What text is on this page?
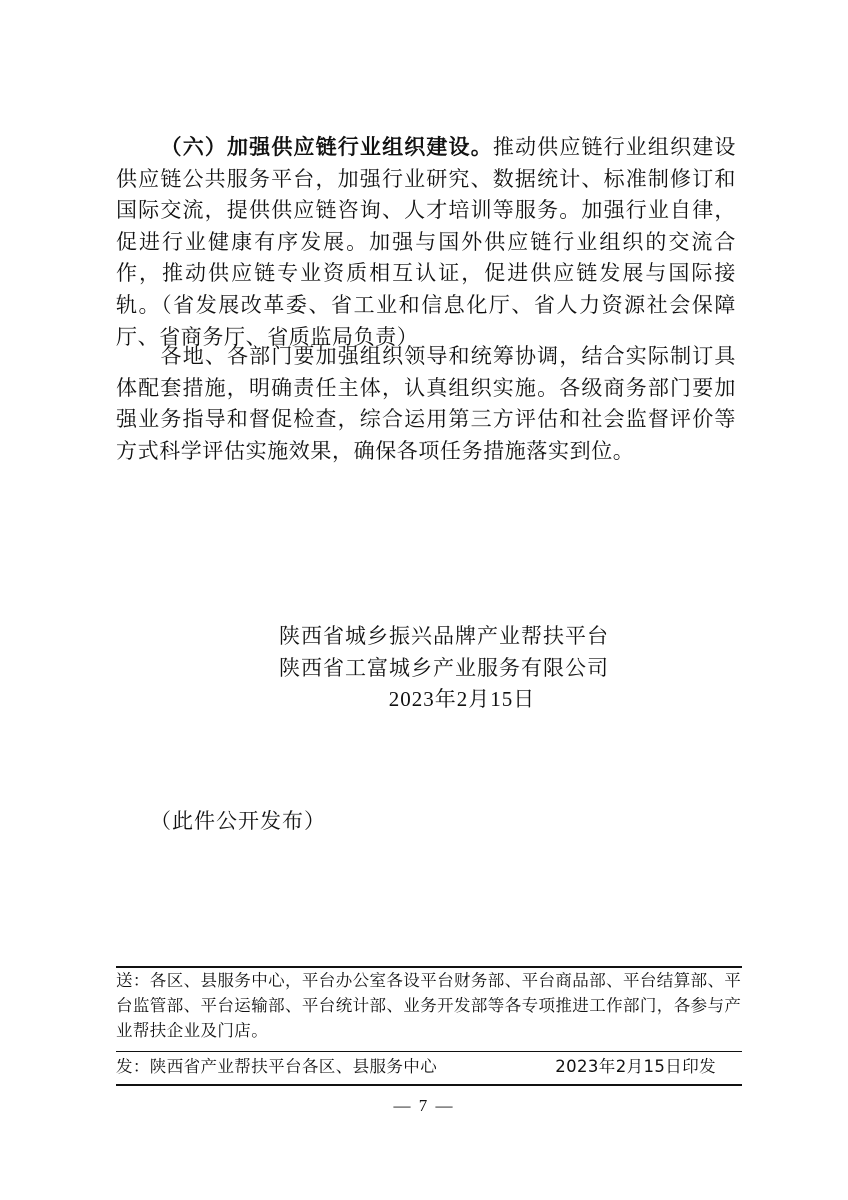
（六）加强供应链行业组织建设。推动供应链行业组织建设供应链公共服务平台，加强行业研究、数据统计、标准制修订和国际交流，提供供应链咨询、人才培训等服务。加强行业自律，促进行业健康有序发展。加强与国外供应链行业组织的交流合作，推动供应链专业资质相互认证，促进供应链发展与国际接轨。（省发展改革委、省工业和信息化厅、省人力资源社会保障厅、省商务厅、省质监局负责）

各地、各部门要加强组织领导和统筹协调，结合实际制订具体配套措施，明确责任主体，认真组织实施。各级商务部门要加强业务指导和督促检查，综合运用第三方评估和社会监督评价等方式科学评估实施效果，确保各项任务措施落实到位。

陕西省城乡振兴品牌产业帮扶平台
陕西省工富城乡产业服务有限公司
2023年2月15日
（此件公开发布）
送：各区、县服务中心，平台办公室各设平台财务部、平台商品部、平台结算部、平台监管部、平台运输部、平台统计部、业务开发部等各专项推进工作部门，各参与产业帮扶企业及门店。
发：陕西省产业帮扶平台各区、县服务中心	2023年2月15日印发
— 7 —
